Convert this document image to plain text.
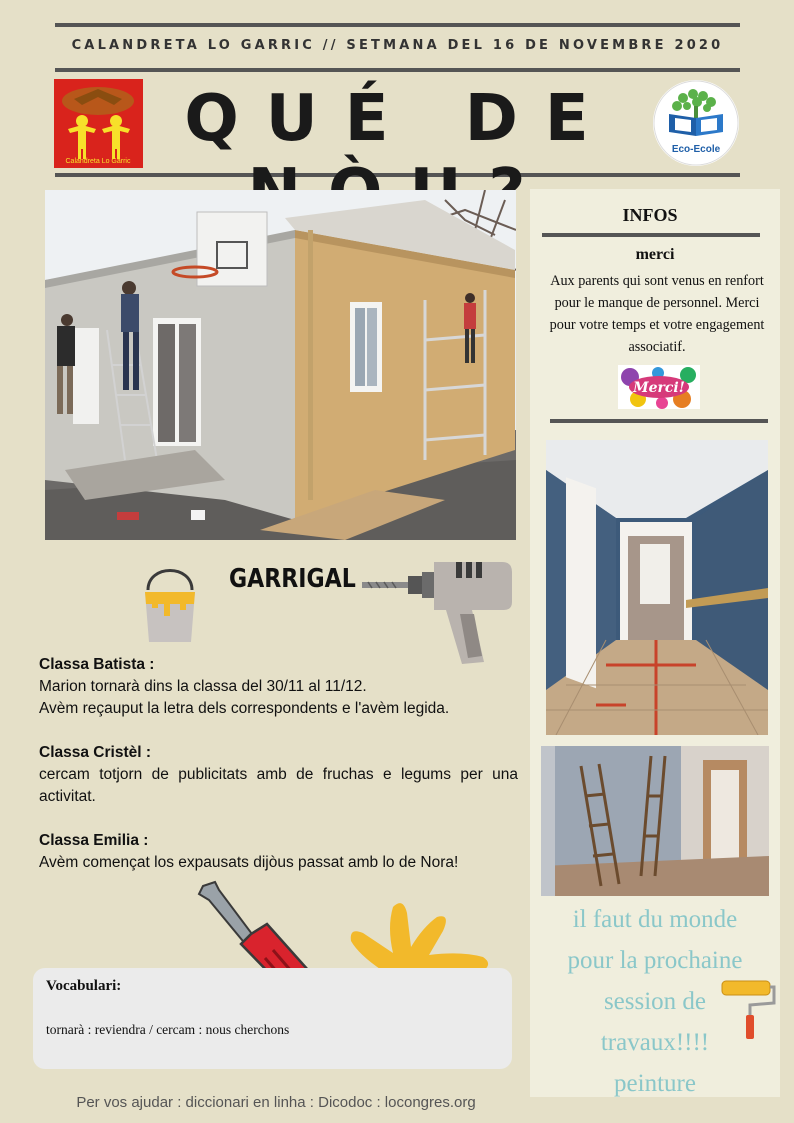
CALANDRETA LO GARRIC // SETMANA DEL 16 DE NOVEMBRE 2020
Calandreta Lo Garric
QUÉ DE	Eco-Ecole
GARRIGAL
Classa Batista :
Marion tornarà dins la classa del 30/11 al 11/12.
Avèm reçauput la letra dels correspondents e l'avèm legida.
Classa Cristèl :
cercam totjorn de publicitats amb de fruchas e legums per una activitat.
Classa Emilia :
Avèm començat los expausats dijòus passat amb lo de Nora!
Vocabulari:
tornarà : reviendra / cercam : nous cherchons
Per vos ajudar : diccionari en linha : Dicodoc : locongres.org
INFOS
merci
Aux parents qui sont venus en renfort pour le manque de personnel. Merci pour votre temps et votre engagement associatif.
Merci!
il faut du monde
pour la prochaine
session de
travaux!!!!
peinture
